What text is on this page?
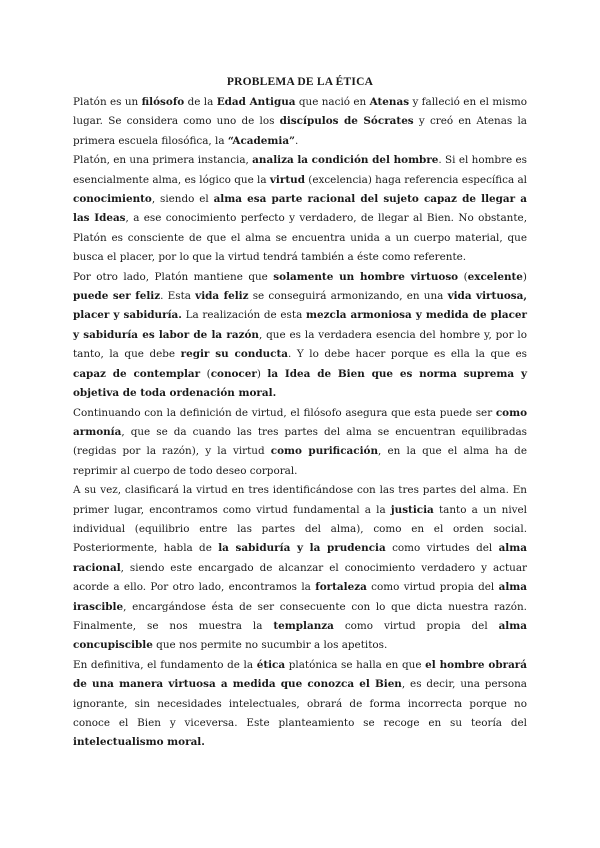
PROBLEMA DE LA ÉTICA

Platón es un filósofo de la Edad Antigua que nació en Atenas y falleció en el mismo lugar. Se considera como uno de los discípulos de Sócrates y creó en Atenas la primera escuela filosófica, la “Academia”.

Platón, en una primera instancia, analiza la condición del hombre. Si el hombre es esencialmente alma, es lógico que la virtud (excelencia) haga referencia específica al conocimiento, siendo el alma esa parte racional del sujeto capaz de llegar a las Ideas, a ese conocimiento perfecto y verdadero, de llegar al Bien. No obstante, Platón es consciente de que el alma se encuentra unida a un cuerpo material, que busca el placer, por lo que la virtud tendrá también a éste como referente.

Por otro lado, Platón mantiene que solamente un hombre virtuoso (excelente) puede ser feliz. Esta vida feliz se conseguirá armonizando, en una vida virtuosa, placer y sabiduría. La realización de esta mezcla armoniosa y medida de placer y sabiduría es labor de la razón, que es la verdadera esencia del hombre y, por lo tanto, la que debe regir su conducta. Y lo debe hacer porque es ella la que es capaz de contemplar (conocer) la Idea de Bien que es norma suprema y objetiva de toda ordenación moral.

Continuando con la definición de virtud, el filósofo asegura que esta puede ser como armonía, que se da cuando las tres partes del alma se encuentran equilibradas (regidas por la razón), y la virtud como purificación, en la que el alma ha de reprimir al cuerpo de todo deseo corporal.

A su vez, clasificará la virtud en tres identificándose con las tres partes del alma. En primer lugar, encontramos como virtud fundamental a la justicia tanto a un nivel individual (equilibrio entre las partes del alma), como en el orden social. Posteriormente, habla de la sabiduría y la prudencia como virtudes del alma racional, siendo este encargado de alcanzar el conocimiento verdadero y actuar acorde a ello. Por otro lado, encontramos la fortaleza como virtud propia del alma irascible, encargándose ésta de ser consecuente con lo que dicta nuestra razón. Finalmente, se nos muestra la templanza como virtud propia del alma concupiscible que nos permite no sucumbir a los apetitos.

En definitiva, el fundamento de la ética platónica se halla en que el hombre obrará de una manera virtuosa a medida que conozca el Bien, es decir, una persona ignorante, sin necesidades intelectuales, obrará de forma incorrecta porque no conoce el Bien y viceversa. Este planteamiento se recoge en su teoría del intelectualismo moral.
